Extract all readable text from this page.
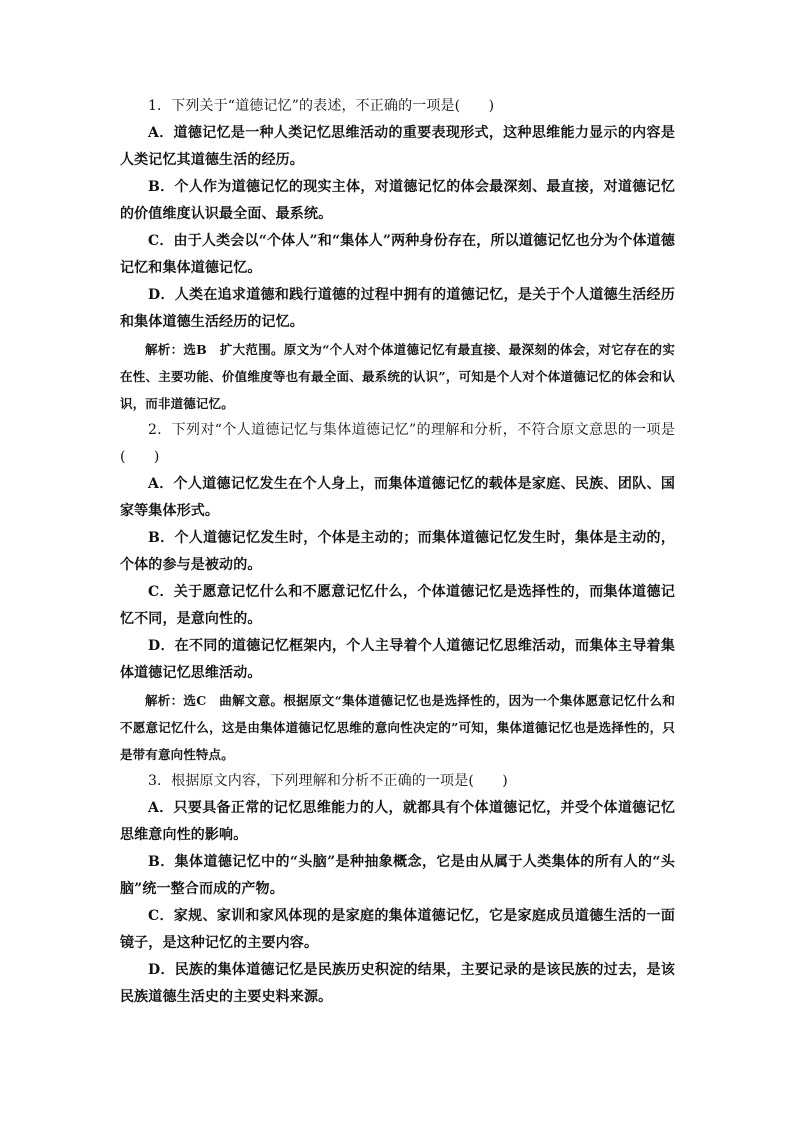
1．下列关于“道德记忆”的表述，不正确的一项是(　　)

A．道德记忆是一种人类记忆思维活动的重要表现形式，这种思维能力显示的内容是人类记忆其道德生活的经历。

B．个人作为道德记忆的现实主体，对道德记忆的体会最深刻、最直接，对道德记忆的价值维度认识最全面、最系统。

C．由于人类会以“个体人”和“集体人”两种身份存在，所以道德记忆也分为个体道德记忆和集体道德记忆。

D．人类在追求道德和践行道德的过程中拥有的道德记忆，是关于个人道德生活经历和集体道德生活经历的记忆。

解析：选B　扩大范围。原文为“个人对个体道德记忆有最直接、最深刻的体会，对它存在的实在性、主要功能、价值维度等也有最全面、最系统的认识”，可知是个人对个体道德记忆的体会和认识，而非道德记忆。

2．下列对“个人道德记忆与集体道德记忆”的理解和分析，不符合原文意思的一项是(　　)

A．个人道德记忆发生在个人身上，而集体道德记忆的载体是家庭、民族、团队、国家等集体形式。

B．个人道德记忆发生时，个体是主动的；而集体道德记忆发生时，集体是主动的，个体的参与是被动的。

C．关于愿意记忆什么和不愿意记忆什么，个体道德记忆是选择性的，而集体道德记忆不同，是意向性的。

D．在不同的道德记忆框架内，个人主导着个人道德记忆思维活动，而集体主导着集体道德记忆思维活动。

解析：选C　曲解文意。根据原文“集体道德记忆也是选择性的，因为一个集体愿意记忆什么和不愿意记忆什么，这是由集体道德记忆思维的意向性决定的”可知，集体道德记忆也是选择性的，只是带有意向性特点。

3．根据原文内容，下列理解和分析不正确的一项是(　　)

A．只要具备正常的记忆思维能力的人，就都具有个体道德记忆，并受个体道德记忆思维意向性的影响。

B．集体道德记忆中的“头脑”是种抽象概念，它是由从属于人类集体的所有人的“头脑”统一整合而成的产物。

C．家规、家训和家风体现的是家庭的集体道德记忆，它是家庭成员道德生活的一面镜子，是这种记忆的主要内容。

D．民族的集体道德记忆是民族历史积淀的结果，主要记录的是该民族的过去，是该民族道德生活史的主要史料来源。
